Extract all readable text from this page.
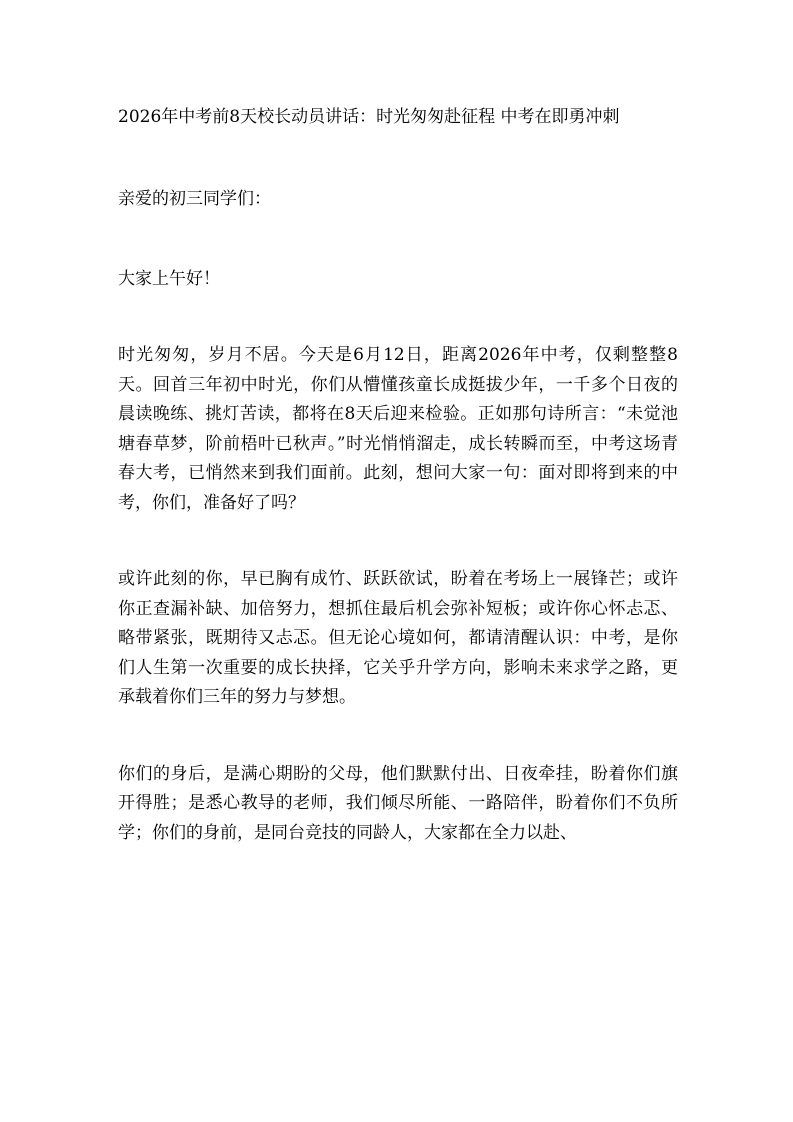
2026年中考前8天校长动员讲话：时光匆匆赴征程 中考在即勇冲刺

亲爱的初三同学们：

大家上午好！

时光匆匆，岁月不居。今天是6月12日，距离2026年中考，仅剩整整8天。回首三年初中时光，你们从懵懂孩童长成挺拔少年，一千多个日夜的晨读晚练、挑灯苦读，都将在8天后迎来检验。正如那句诗所言：“未觉池塘春草梦，阶前梧叶已秋声。”时光悄悄溜走，成长转瞬而至，中考这场青春大考，已悄然来到我们面前。此刻，想问大家一句：面对即将到来的中考，你们，准备好了吗？

或许此刻的你，早已胸有成竹、跃跃欲试，盼着在考场上一展锋芒；或许你正查漏补缺、加倍努力，想抓住最后机会弥补短板；或许你心怀忐忑、略带紧张，既期待又忐忑。但无论心境如何，都请清醒认识：中考，是你们人生第一次重要的成长抉择，它关乎升学方向，影响未来求学之路，更承载着你们三年的努力与梦想。

你们的身后，是满心期盼的父母，他们默默付出、日夜牵挂，盼着你们旗开得胜；是悉心教导的老师，我们倾尽所能、一路陪伴，盼着你们不负所学；你们的身前，是同台竞技的同龄人，大家都在全力以赴、
